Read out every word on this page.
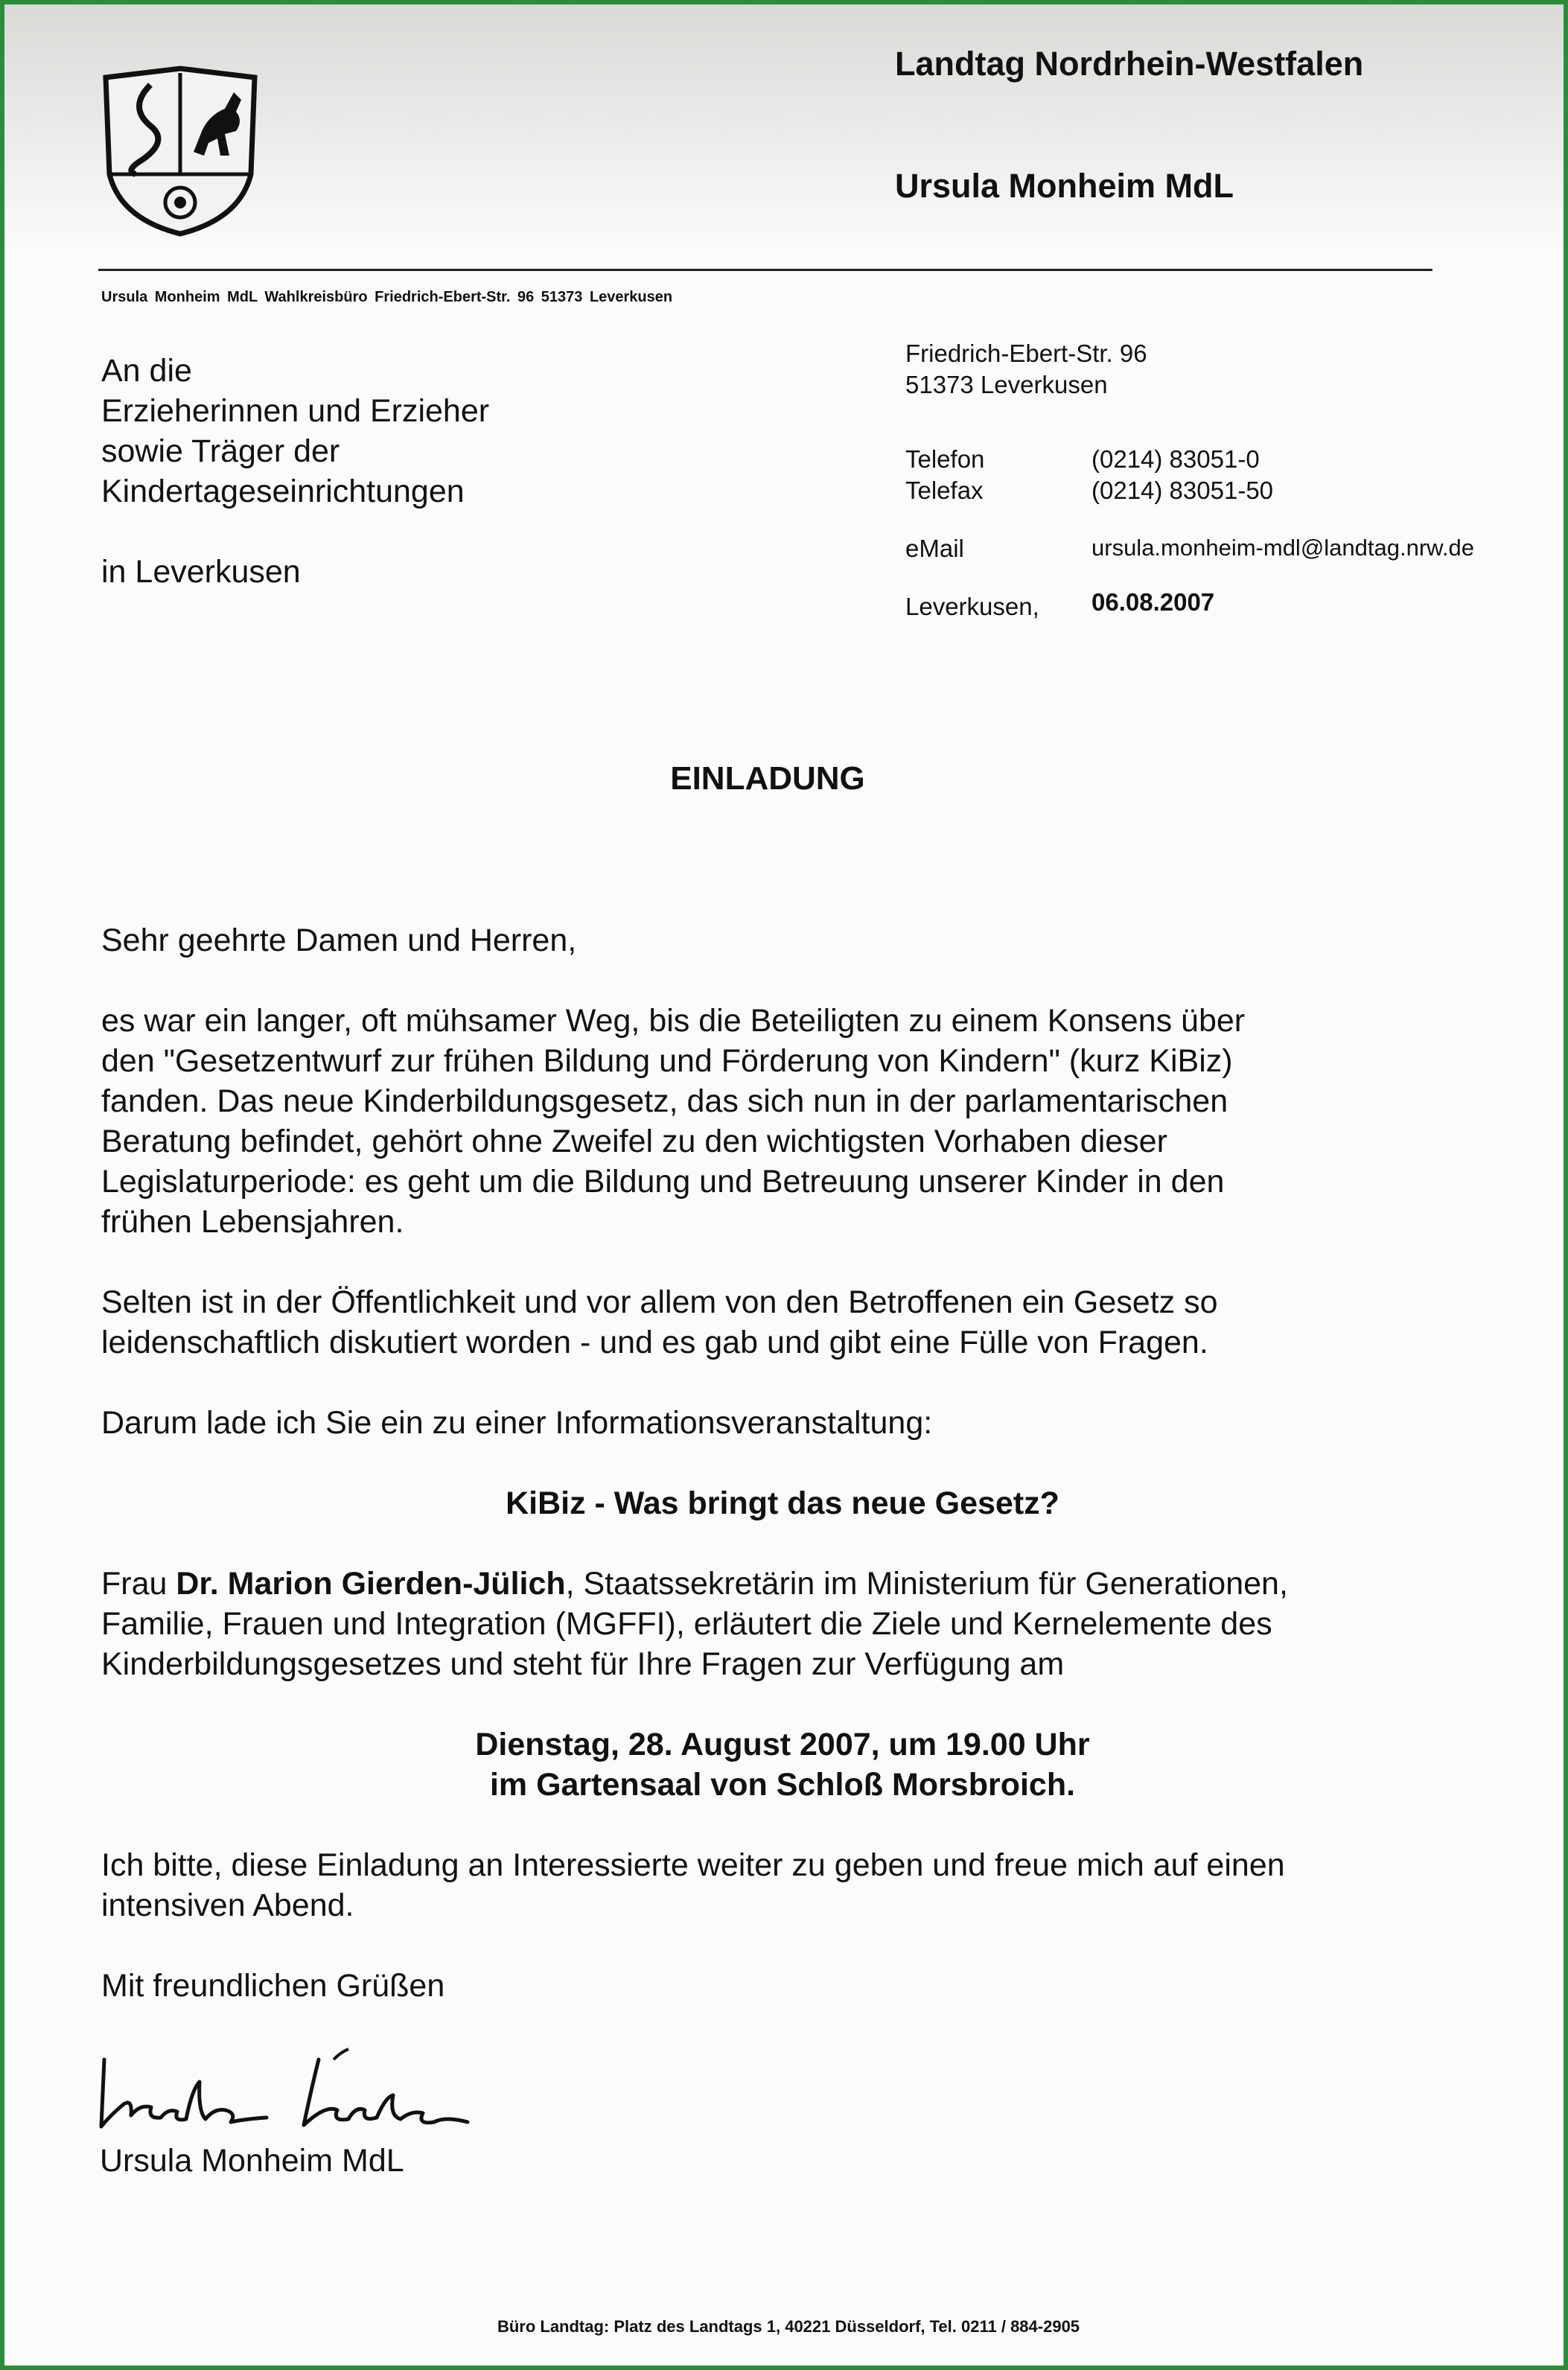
Landtag Nordrhein-Westfalen
Ursula Monheim MdL
Ursula Monheim MdL Wahlkreisbüro Friedrich-Ebert-Str. 96 51373 Leverkusen
An die
Erzieherinnen und Erzieher
sowie Träger der
Kindertageseinrichtungen

in Leverkusen
Friedrich-Ebert-Str. 96
51373 Leverkusen
Telefon	(0214) 83051-0
Telefax	(0214) 83051-50
eMail	ursula.monheim-mdl@landtag.nrw.de
Leverkusen, 06.08.2007
EINLADUNG

Sehr geehrte Damen und Herren,

es war ein langer, oft mühsamer Weg, bis die Beteiligten zu einem Konsens über

den "Gesetzentwurf zur frühen Bildung und Förderung von Kindern" (kurz KiBiz)

fanden. Das neue Kinderbildungsgesetz, das sich nun in der parlamentarischen

Beratung befindet, gehört ohne Zweifel zu den wichtigsten Vorhaben dieser

Legislaturperiode: es geht um die Bildung und Betreuung unserer Kinder in den

frühen Lebensjahren.

Selten ist in der Öffentlichkeit und vor allem von den Betroffenen ein Gesetz so

leidenschaftlich diskutiert worden - und es gab und gibt eine Fülle von Fragen.

Darum lade ich Sie ein zu einer Informationsveranstaltung:

KiBiz - Was bringt das neue Gesetz?

Frau Dr. Marion Gierden-Jülich, Staatssekretärin im Ministerium für Generationen,

Familie, Frauen und Integration (MGFFI), erläutert die Ziele und Kernelemente des

Kinderbildungsgesetzes und steht für Ihre Fragen zur Verfügung am

Dienstag, 28. August 2007, um 19.00 Uhr

im Gartensaal von Schloß Morsbroich.

Ich bitte, diese Einladung an Interessierte weiter zu geben und freue mich auf einen

intensiven Abend.

Mit freundlichen Grüßen

Ursula Monheim MdL
Büro Landtag: Platz des Landtags 1, 40221 Düsseldorf, Tel. 0211 / 884-2905
